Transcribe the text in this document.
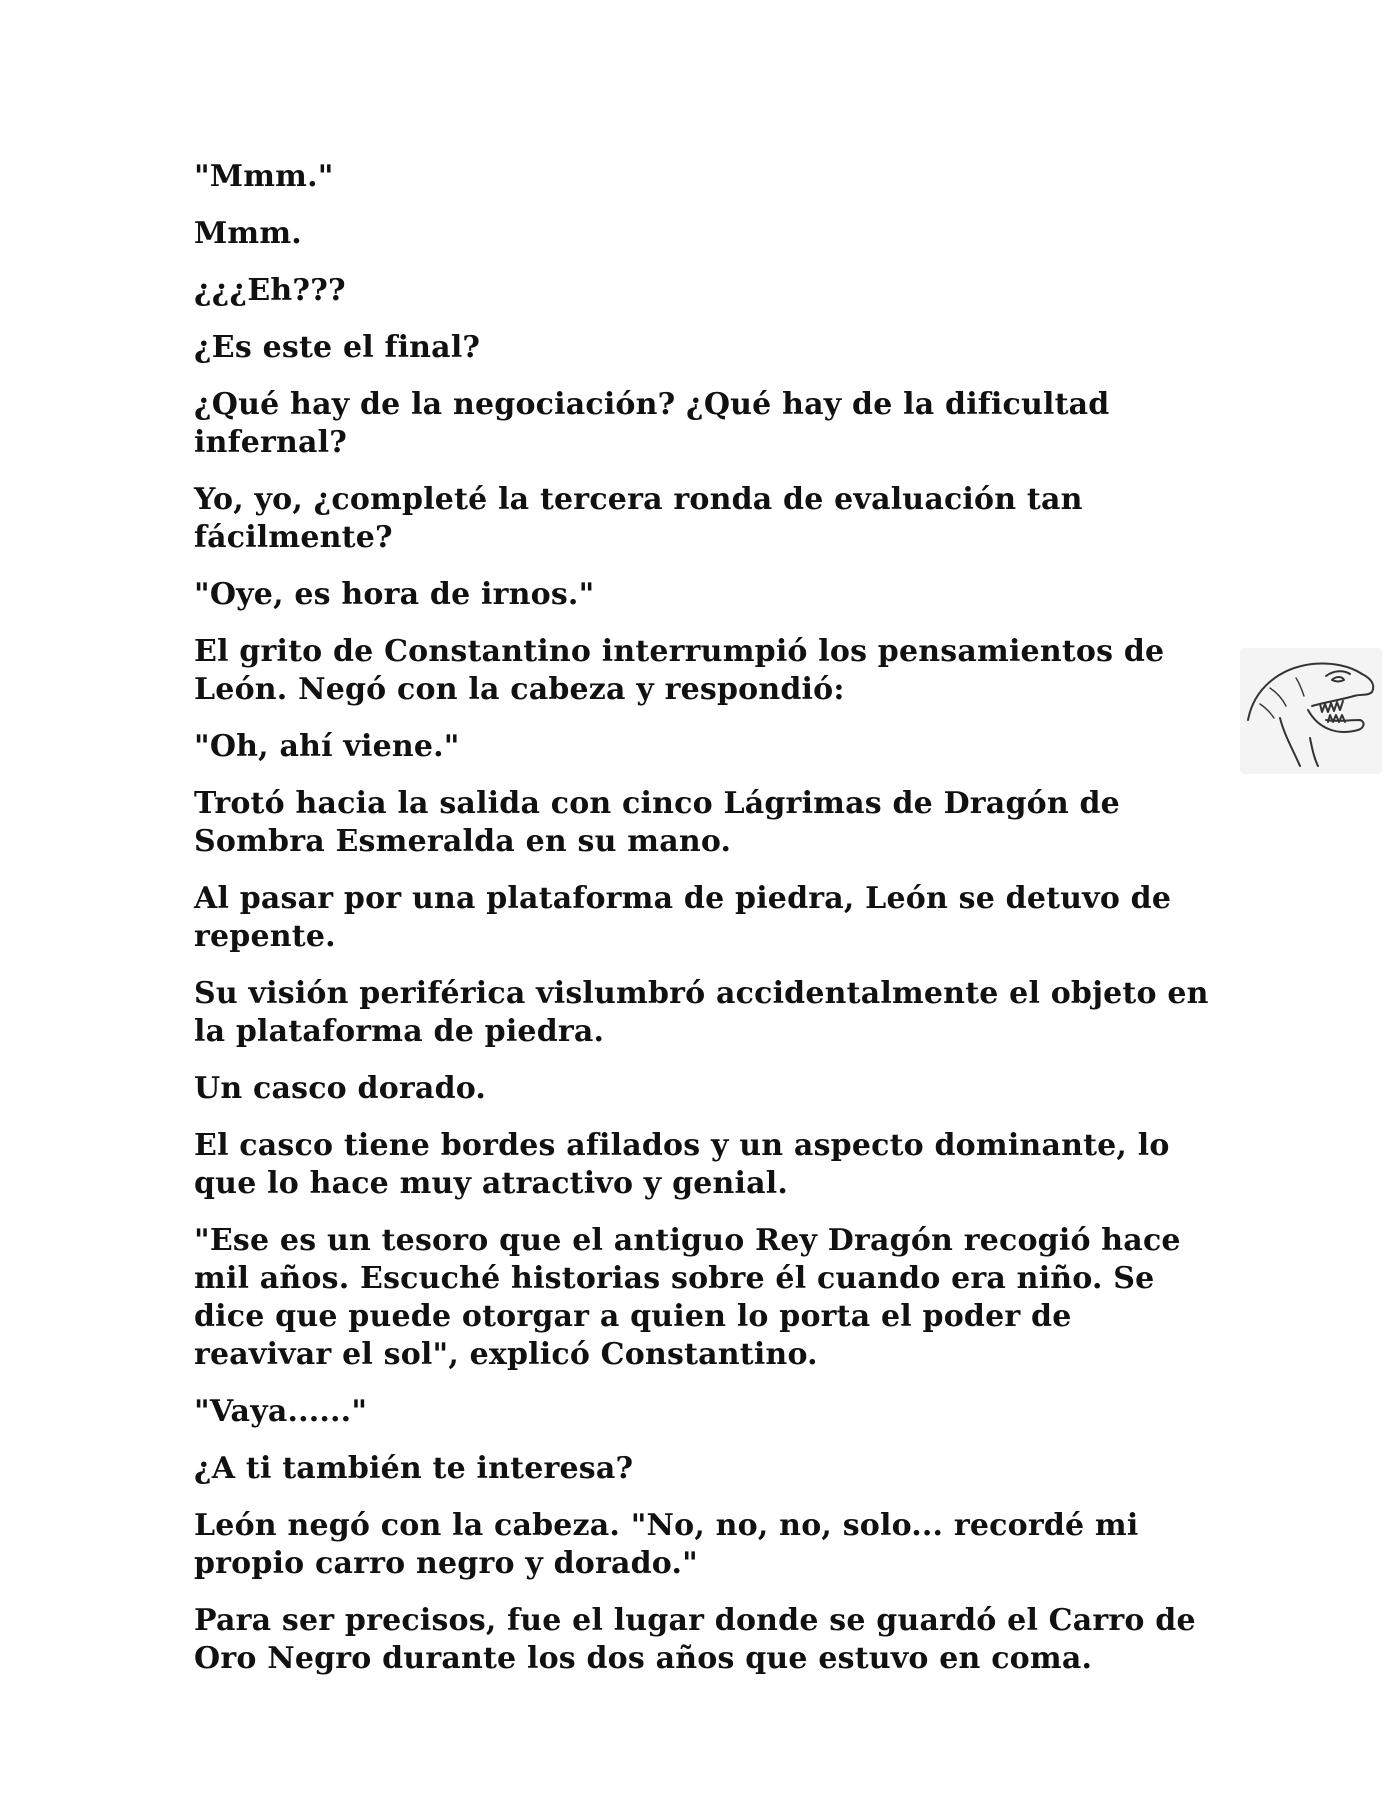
"Mmm."

Mmm.

¿¿¿Eh???

¿Es este el final?

¿Qué hay de la negociación? ¿Qué hay de la dificultad infernal?

Yo, yo, ¿completé la tercera ronda de evaluación tan fácilmente?

"Oye, es hora de irnos."

El grito de Constantino interrumpió los pensamientos de León. Negó con la cabeza y respondió:

"Oh, ahí viene."

Trotó hacia la salida con cinco Lágrimas de Dragón de Sombra Esmeralda en su mano.

Al pasar por una plataforma de piedra, León se detuvo de repente.

Su visión periférica vislumbró accidentalmente el objeto en la plataforma de piedra.

Un casco dorado.

El casco tiene bordes afilados y un aspecto dominante, lo que lo hace muy atractivo y genial.

"Ese es un tesoro que el antiguo Rey Dragón recogió hace mil años. Escuché historias sobre él cuando era niño. Se dice que puede otorgar a quien lo porta el poder de reavivar el sol", explicó Constantino.

"Vaya......"

¿A ti también te interesa?

León negó con la cabeza. "No, no, no, solo... recordé mi propio carro negro y dorado."

Para ser precisos, fue el lugar donde se guardó el Carro de Oro Negro durante los dos años que estuvo en coma.
